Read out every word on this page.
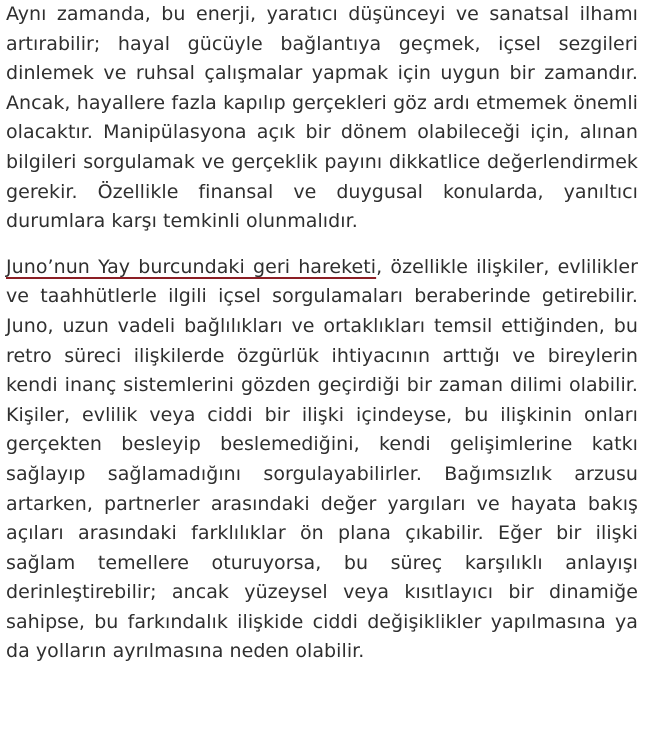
Aynı zamanda, bu enerji, yaratıcı düşünceyi ve sanatsal ilhamı artırabilir; hayal gücüyle bağlantıya geçmek, içsel sezgileri dinlemek ve ruhsal çalışmalar yapmak için uygun bir zamandır. Ancak, hayallere fazla kapılıp gerçekleri göz ardı etmemek önemli olacaktır. Manipülasyona açık bir dönem olabileceği için, alınan bilgileri sorgulamak ve gerçeklik payını dikkatlice değerlendirmek gerekir. Özellikle finansal ve duygusal konularda, yanıltıcı durumlara karşı temkinli olunmalıdır.

Juno’nun Yay burcundaki geri hareketi, özellikle ilişkiler, evlilikler ve taahhütlerle ilgili içsel sorgulamaları beraberinde getirebilir. Juno, uzun vadeli bağlılıkları ve ortaklıkları temsil ettiğinden, bu retro süreci ilişkilerde özgürlük ihtiyacının arttığı ve bireylerin kendi inanç sistemlerini gözden geçirdiği bir zaman dilimi olabilir. Kişiler, evlilik veya ciddi bir ilişki içindeyse, bu ilişkinin onları gerçekten besleyip beslemediğini, kendi gelişimlerine katkı sağlayıp sağlamadığını sorgulayabilirler. Bağımsızlık arzusu artarken, partnerler arasındaki değer yargıları ve hayata bakış açıları arasındaki farklılıklar ön plana çıkabilir. Eğer bir ilişki sağlam temellere oturuyorsa, bu süreç karşılıklı anlayışı derinleştirebilir; ancak yüzeysel veya kısıtlayıcı bir dinamiğe sahipse, bu farkındalık ilişkide ciddi değişiklikler yapılmasına ya da yolların ayrılmasına neden olabilir.
